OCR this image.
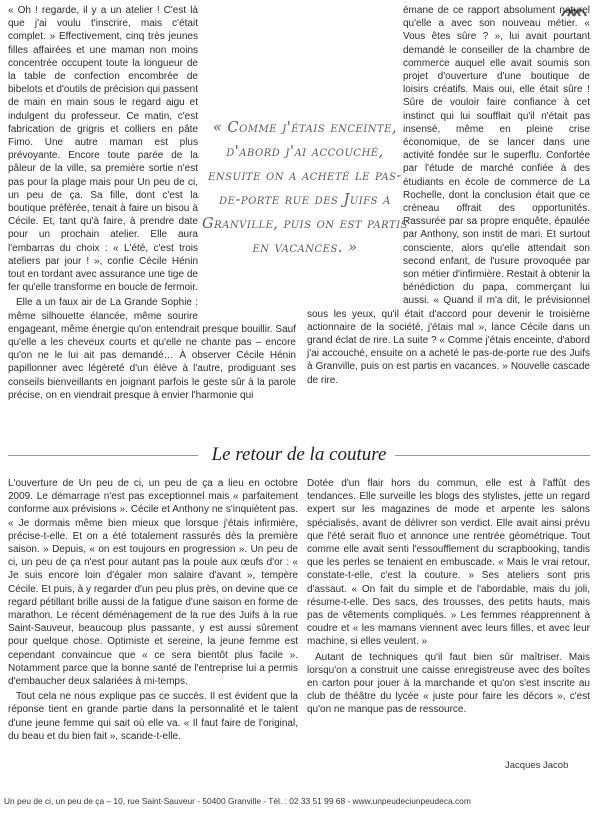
« Oh ! regarde, il y a un atelier ! C'est là que j'ai voulu t'inscrire, mais c'était complet. » Effectivement, cinq très jeunes filles affairées et une maman non moins concentrée occupent toute la longueur de la table de confection encombrée de bibelots et d'outils de précision qui passent de main en main sous le regard aigu et indulgent du professeur. Ce matin, c'est fabrication de grigris et colliers en pâte Fimo. Une autre maman est plus prévoyante. Encore toute parée de la pâleur de la ville, sa première sortie n'est pas pour la plage mais pour Un peu de ci, un peu de ça. Sa fille, dont c'est la boutique préférée, tenait à faire un bisou à Cécile. Et, tant qu'à faire, à prendre date pour un prochain atelier. Elle aura l'embarras du choix : « L'été, c'est trois ateliers par jour ! », confie Cécile Hénin tout en tordant avec assurance une tige de fer qu'elle transforme en boucle de fermoir.

Elle a un faux air de La Grande Sophie : même silhouette élancée, même sourire engageant, même énergie qu'on entendrait presque bouillir. Sauf qu'elle a les cheveux courts et qu'elle ne chante pas – encore qu'on ne le lui ait pas demandé… À observer Cécile Hénin papillonner avec légèreté d'un élève à l'autre, prodiguant ses conseils bienveillants en joignant parfois le geste sûr à la parole précise, on en viendrait presque à envier l'harmonie qui

émane de ce rapport absolument naturel qu'elle a avec son nouveau métier. « Vous êtes sûre ? », lui avait pourtant demandé le conseiller de la chambre de commerce auquel elle avait soumis son projet d'ouverture d'une boutique de loisirs créatifs. Mais oui, elle était sûre ! Sûre de vouloir faire confiance à cet instinct qui lui soufflait qu'il n'était pas insensé, même en pleine crise économique, de se lancer dans une activité fondée sur le superflu. Confortée par l'étude de marché confiée à des étudiants en école de commerce de La Rochelle, dont la conclusion était que ce créneau offrait des opportunités. Rassurée par sa propre enquête, épaulée par Anthony, son instit de mari. Et surtout consciente, alors qu'elle attendait son second enfant, de l'usure provoquée par son métier d'infirmière. Restait à obtenir la bénédiction du papa, commerçant lui aussi. « Quand il m'a dit, le prévisionnel sous les yeux, qu'il était d'accord pour devenir le troisième actionnaire de la société, j'étais mal », lance Cécile dans un grand éclat de rire. La suite ? « Comme j'étais enceinte, d'abord j'ai accouché, ensuite on a acheté le pas-de-porte rue des Juifs à Granville, puis on est partis en vacances. » Nouvelle cascade de rire.

« Comme j'étais enceinte, d'abord j'ai accouché, ensuite on a acheté le pas-de-porte rue des Juifs à Granville, puis on est partis en vacances. »
Le retour de la couture

L'ouverture de Un peu de ci, un peu de ça a lieu en octobre 2009. Le démarrage n'est pas exceptionnel mais « parfaitement conforme aux prévisions ». Cécile et Anthony ne s'inquiètent pas. « Je dormais même bien mieux que lorsque j'étais infirmière, précise-t-elle. Et on a été totalement rassurés dès la première saison. » Depuis, « on est toujours en progression ». Un peu de ci, un peu de ça n'est pour autant pas la poule aux œufs d'or : « Je suis encore loin d'égaler mon salaire d'avant », tempère Cécile. Et puis, à y regarder d'un peu plus près, on devine que ce regard pétillant brille aussi de la fatigue d'une saison en forme de marathon. Le récent déménagement de la rue des Juifs à la rue Saint-Sauveur, beaucoup plus passante, y est aussi sûrement pour quelque chose. Optimiste et sereine, la jeune femme est cependant convaincue que « ce sera bientôt plus facile ». Notamment parce que la bonne santé de l'entreprise lui a permis d'embaucher deux salariées à mi-temps.

Tout cela ne nous explique pas ce succès. Il est évident que la réponse tient en grande partie dans la personnalité et le talent d'une jeune femme qui sait où elle va. « Il faut faire de l'original, du beau et du bien fait », scande-t-elle.

Dotée d'un flair hors du commun, elle est à l'affût des tendances. Elle surveille les blogs des stylistes, jette un regard expert sur les magazines de mode et arpente les salons spécialisés, avant de délivrer son verdict. Elle avait ainsi prévu que l'été serait fluo et annonce une rentrée géométrique. Tout comme elle avait senti l'essoufflement du scrapbooking, tandis que les perles se tenaient en embuscade. « Mais le vrai retour, constate-t-elle, c'est la couture. » Ses ateliers sont pris d'assaut. « On fait du simple et de l'abordable, mais du joli, résume-t-elle. Des sacs, des trousses, des petits hauts, mais pas de vêtements compliqués. » Les femmes réapprennent à coudre et « les mamans viennent avec leurs filles, et avec leur machine, si elles veulent. »

Autant de techniques qu'il faut bien sûr maîtriser. Mais lorsqu'on a construit une caisse enregistreuse avec des boîtes en carton pour jouer à la marchande et qu'on s'est inscrite au club de théâtre du lycée « juste pour faire les décors », c'est qu'on ne manque pas de ressource.

Jacques Jacob
Un peu de ci, un peu de ça – 10, rue Saint-Sauveur - 50400 Granville - Tél. : 02 33 51 99 68 - www.unpeudeciunpeudeca.com
